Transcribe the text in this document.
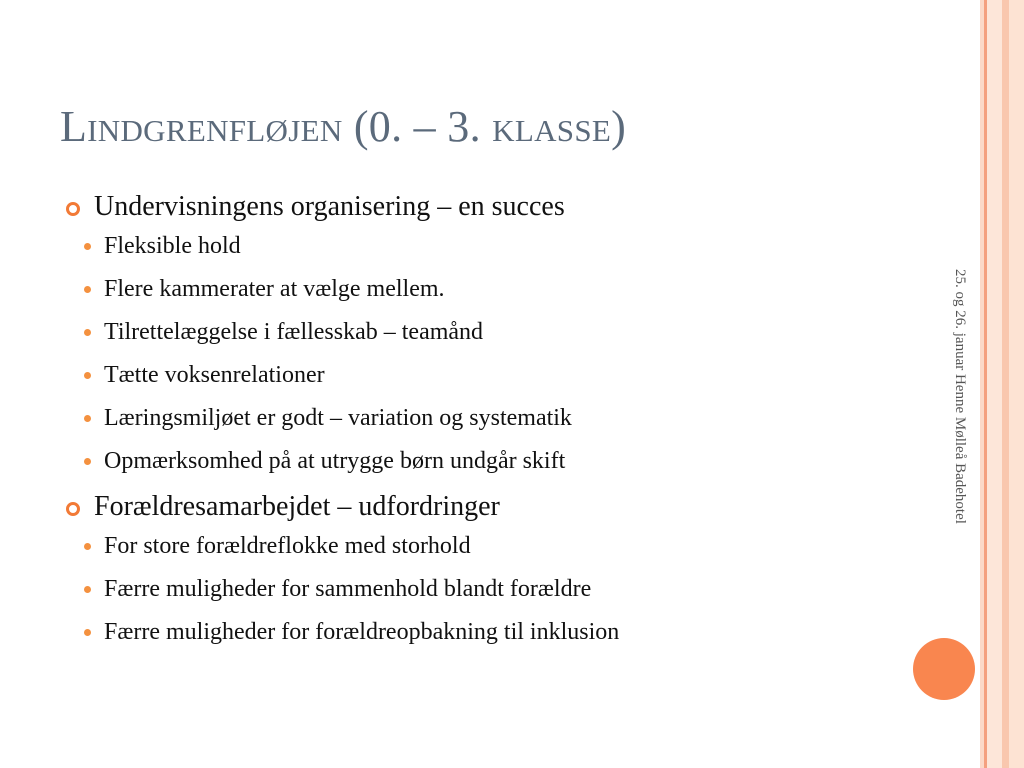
Lindgrenfløjen (0. – 3. klasse)
Undervisningens organisering – en succes
Fleksible hold
Flere kammerater at vælge mellem.
Tilrettelæggelse i fællesskab – teamånd
Tætte voksenrelationer
Læringsmiljøet er godt – variation og systematik
Opmærksomhed på at utrygge børn undgår skift
Forældresamarbejdet – udfordringer
For store forældreflokke med storhold
Færre muligheder for sammenhold blandt forældre
Færre muligheder for forældreopbakning til inklusion
25. og 26. januar Henne Mølleå Badehotel
